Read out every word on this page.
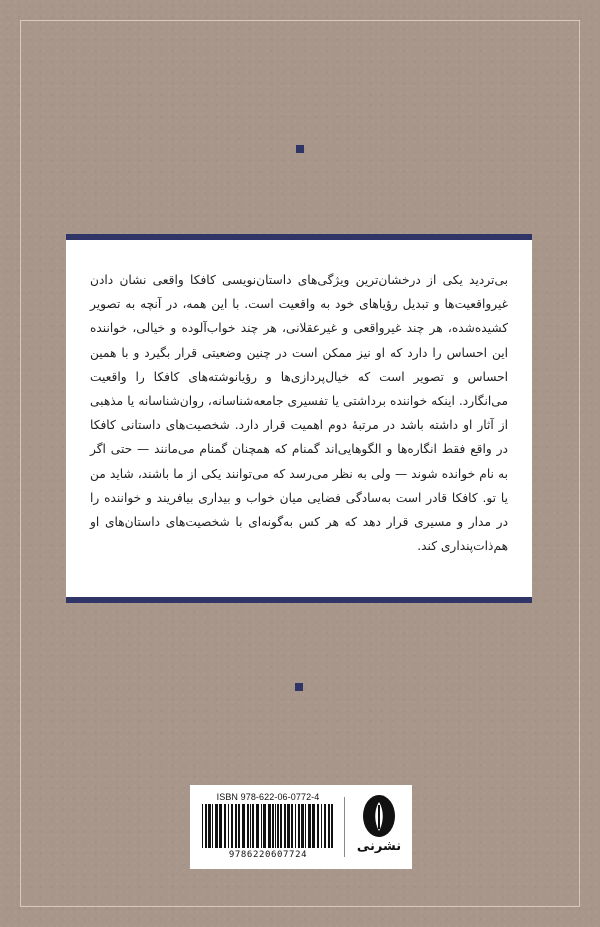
بی‌تردید یکی از درخشان‌ترین ویژگی‌های داستان‌نویسی کافکا واقعی نشان دادن غیرواقعیت‌ها و تبدیل رؤیاهای خود به واقعیت است. با این همه، در آنچه به تصویر کشیده‌شده، هر چند غیرواقعی و غیرعقلانی، هر چند خواب‌آلوده و خیالی، خواننده این احساس را دارد که او نیز ممکن است در چنین وضعیتی قرار بگیرد و با همین احساس و تصویر است که خیال‌پردازی‌ها و رؤیانوشته‌های کافکا را واقعیت می‌انگارد. اینکه خواننده برداشتی یا تفسیری جامعه‌شناسانه، روان‌شناسانه یا مذهبی از آثار او داشته باشد در مرتبهٔ دوم اهمیت قرار دارد. شخصیت‌های داستانی کافکا در واقع فقط انگاره‌ها و الگوهایی‌اند گمنام که همچنان گمنام می‌مانند — حتی اگر به نام خوانده شوند — ولی به نظر می‌رسد که می‌توانند یکی از ما باشند، شاید من یا تو. کافکا قادر است به‌سادگی فضایی میان خواب و بیداری بیافریند و خواننده را در مدار و مسیری قرار دهد که هر کس به‌گونه‌ای با شخصیت‌های داستان‌های او هم‌ذات‌پنداری کند.

ISBN 978-622-06-0772-4
9786220607724
نشرنی
